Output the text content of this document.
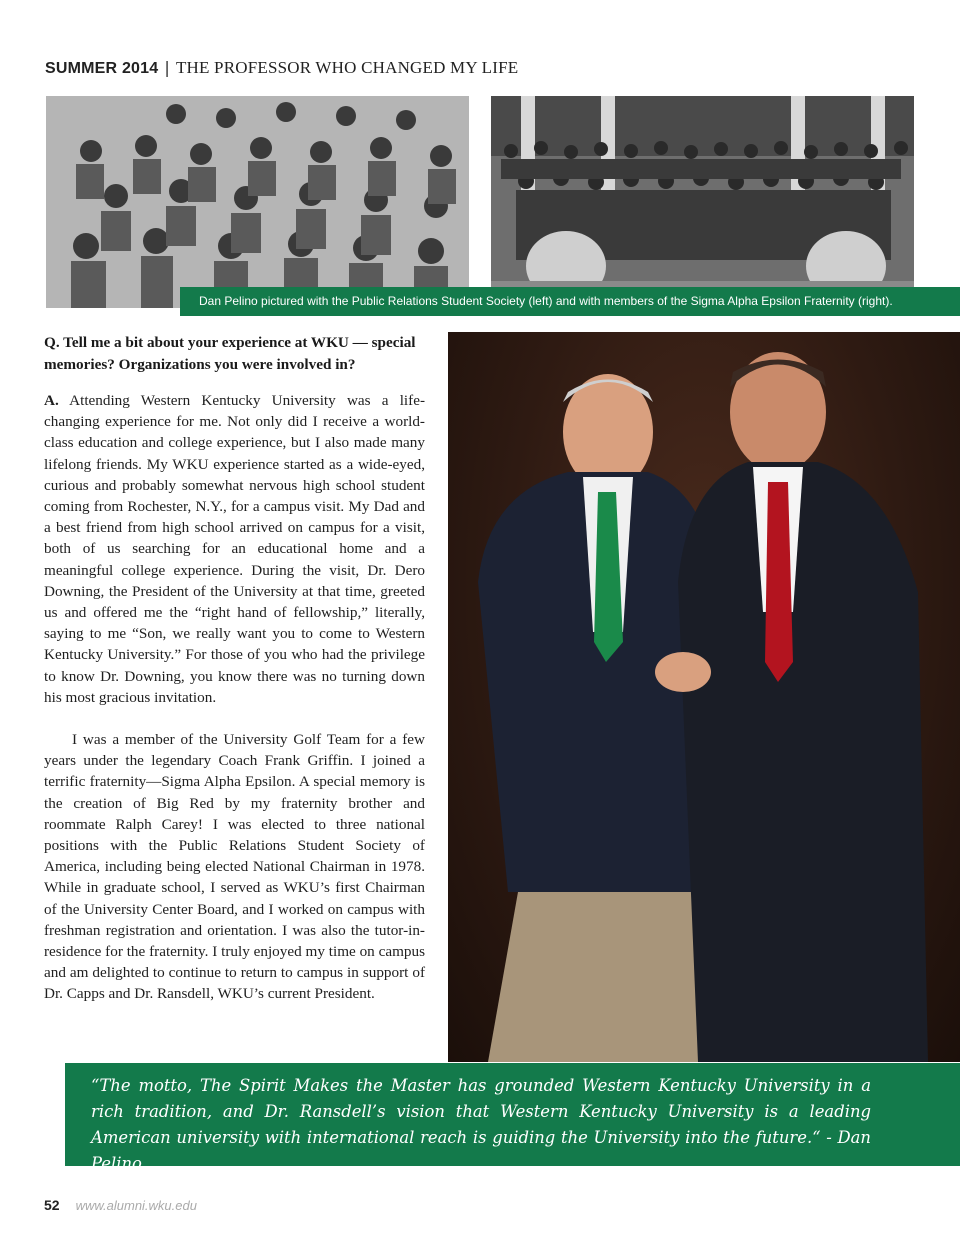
SUMMER 2014 | THE PROFESSOR WHO CHANGED MY LIFE
Dan Pelino pictured with the Public Relations Student Society (left) and with members of the Sigma Alpha Epsilon Fraternity (right).
Q. Tell me a bit about your experience at WKU — special memories? Organizations you were involved in?

A. Attending Western Kentucky University was a life-changing experience for me. Not only did I receive a world-class education and college experience, but I also made many lifelong friends. My WKU experience started as a wide-eyed, curious and probably somewhat nervous high school student coming from Rochester, N.Y., for a campus visit. My Dad and a best friend from high school arrived on campus for a visit, both of us searching for an educational home and a meaningful college experience. During the visit, Dr. Dero Downing, the President of the University at that time, greeted us and offered me the “right hand of fellowship,” literally, saying to me “Son, we really want you to come to Western Kentucky University.” For those of you who had the privilege to know Dr. Downing, you know there was no turning down his most gracious invitation.

I was a member of the University Golf Team for a few years under the legendary Coach Frank Griffin. I joined a terrific fraternity—Sigma Alpha Epsilon. A special memory is the creation of Big Red by my fraternity brother and roommate Ralph Carey! I was elected to three national positions with the Public Relations Student Society of America, including being elected National Chairman in 1978. While in graduate school, I served as WKU’s first Chairman of the University Center Board, and I worked on campus with freshman registration and orientation. I was also the tutor-in-residence for the fraternity. I truly enjoyed my time on campus and am delighted to continue to return to campus in support of Dr. Capps and Dr. Ransdell, WKU’s current President.

“The motto, The Spirit Makes the Master has grounded Western Kentucky University in a rich tradition, and Dr. Ransdell’s vision that Western Kentucky University is a leading American university with international reach is guiding the University into the future.“ - Dan Pelino
52 www.alumni.wku.edu
